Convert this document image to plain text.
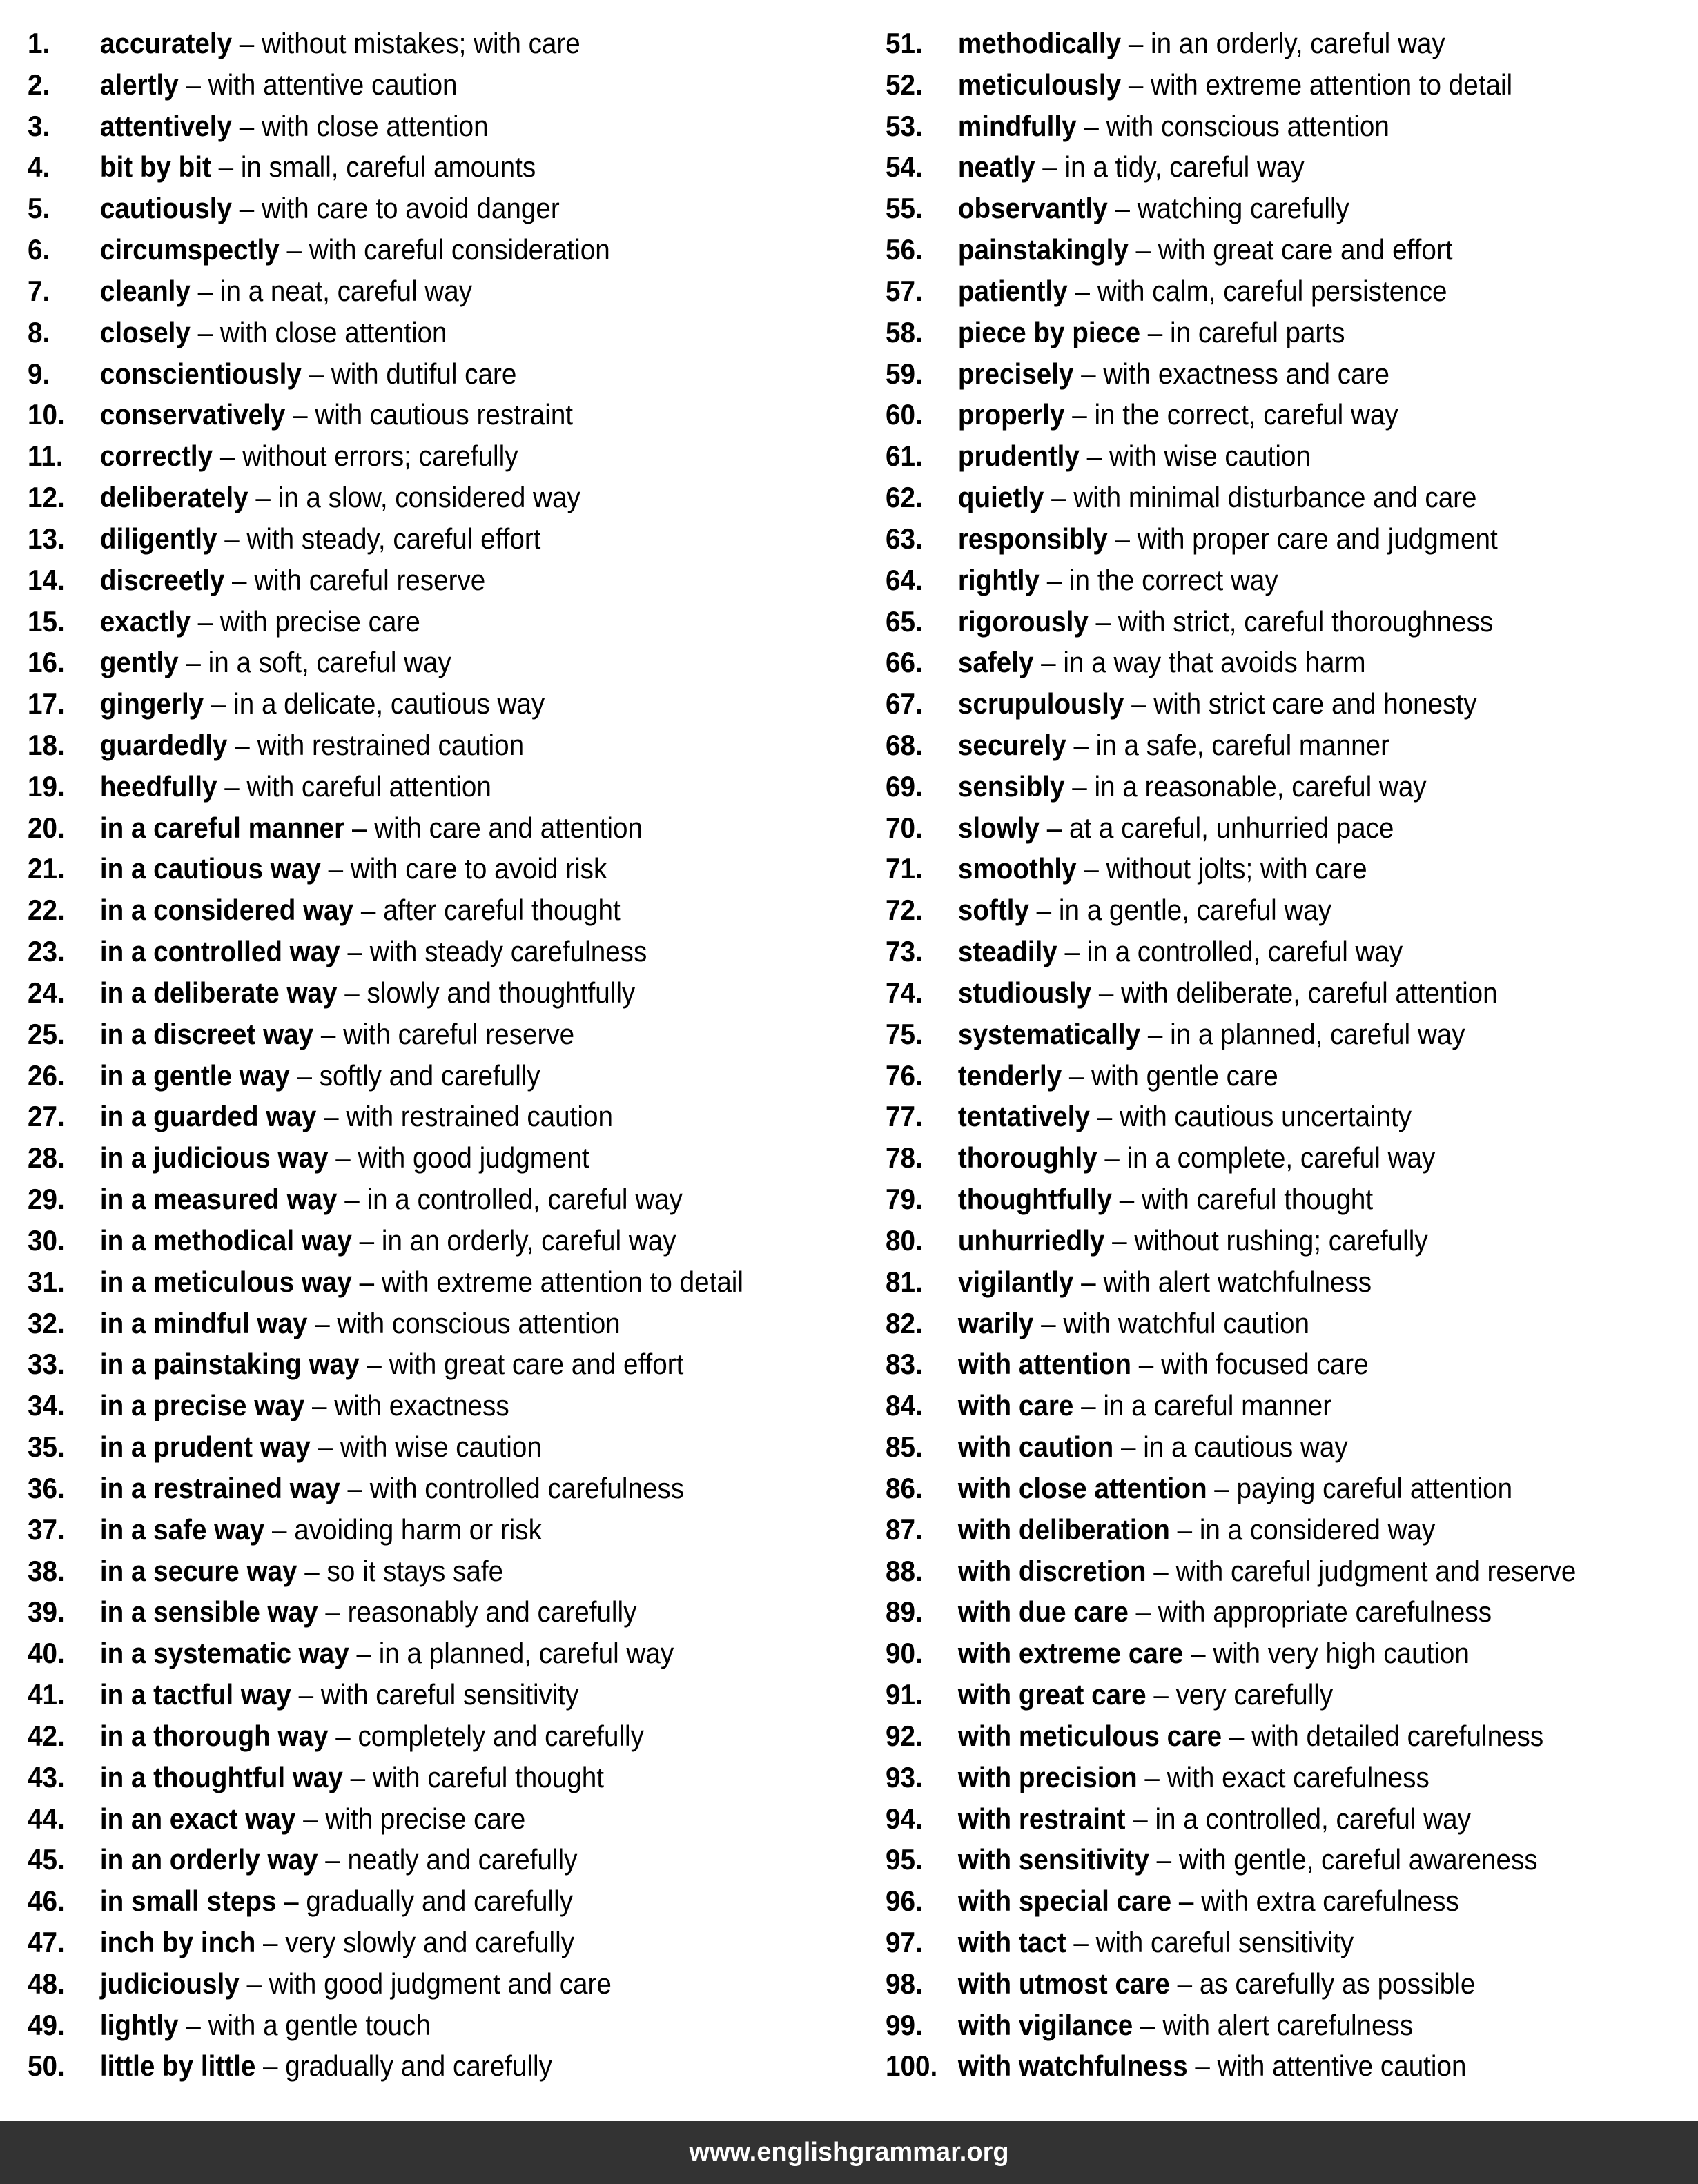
1.	accurately – without mistakes; with care
2.	alertly – with attentive caution
3.	attentively – with close attention
4.	bit by bit – in small, careful amounts
5.	cautiously – with care to avoid danger
6.	circumspectly – with careful consideration
7.	cleanly – in a neat, careful way
8.	closely – with close attention
9.	conscientiously – with dutiful care
10.	conservatively – with cautious restraint
11.	correctly – without errors; carefully
12.	deliberately – in a slow, considered way
13.	diligently – with steady, careful effort
14.	discreetly – with careful reserve
15.	exactly – with precise care
16.	gently – in a soft, careful way
17.	gingerly – in a delicate, cautious way
18.	guardedly – with restrained caution
19.	heedfully – with careful attention
20.	in a careful manner – with care and attention
21.	in a cautious way – with care to avoid risk
22.	in a considered way – after careful thought
23.	in a controlled way – with steady carefulness
24.	in a deliberate way – slowly and thoughtfully
25.	in a discreet way – with careful reserve
26.	in a gentle way – softly and carefully
27.	in a guarded way – with restrained caution
28.	in a judicious way – with good judgment
29.	in a measured way – in a controlled, careful way
30.	in a methodical way – in an orderly, careful way
31.	in a meticulous way – with extreme attention to detail
32.	in a mindful way – with conscious attention
33.	in a painstaking way – with great care and effort
34.	in a precise way – with exactness
35.	in a prudent way – with wise caution
36.	in a restrained way – with controlled carefulness
37.	in a safe way – avoiding harm or risk
38.	in a secure way – so it stays safe
39.	in a sensible way – reasonably and carefully
40.	in a systematic way – in a planned, careful way
41.	in a tactful way – with careful sensitivity
42.	in a thorough way – completely and carefully
43.	in a thoughtful way – with careful thought
44.	in an exact way – with precise care
45.	in an orderly way – neatly and carefully
46.	in small steps – gradually and carefully
47.	inch by inch – very slowly and carefully
48.	judiciously – with good judgment and care
49.	lightly – with a gentle touch
50.	little by little – gradually and carefully
51.	methodically – in an orderly, careful way
52.	meticulously – with extreme attention to detail
53.	mindfully – with conscious attention
54.	neatly – in a tidy, careful way
55.	observantly – watching carefully
56.	painstakingly – with great care and effort
57.	patiently – with calm, careful persistence
58.	piece by piece – in careful parts
59.	precisely – with exactness and care
60.	properly – in the correct, careful way
61.	prudently – with wise caution
62.	quietly – with minimal disturbance and care
63.	responsibly – with proper care and judgment
64.	rightly – in the correct way
65.	rigorously – with strict, careful thoroughness
66.	safely – in a way that avoids harm
67.	scrupulously – with strict care and honesty
68.	securely – in a safe, careful manner
69.	sensibly – in a reasonable, careful way
70.	slowly – at a careful, unhurried pace
71.	smoothly – without jolts; with care
72.	softly – in a gentle, careful way
73.	steadily – in a controlled, careful way
74.	studiously – with deliberate, careful attention
75.	systematically – in a planned, careful way
76.	tenderly – with gentle care
77.	tentatively – with cautious uncertainty
78.	thoroughly – in a complete, careful way
79.	thoughtfully – with careful thought
80.	unhurriedly – without rushing; carefully
81.	vigilantly – with alert watchfulness
82.	warily – with watchful caution
83.	with attention – with focused care
84.	with care – in a careful manner
85.	with caution – in a cautious way
86.	with close attention – paying careful attention
87.	with deliberation – in a considered way
88.	with discretion – with careful judgment and reserve
89.	with due care – with appropriate carefulness
90.	with extreme care – with very high caution
91.	with great care – very carefully
92.	with meticulous care – with detailed carefulness
93.	with precision – with exact carefulness
94.	with restraint – in a controlled, careful way
95.	with sensitivity – with gentle, careful awareness
96.	with special care – with extra carefulness
97.	with tact – with careful sensitivity
98.	with utmost care – as carefully as possible
99.	with vigilance – with alert carefulness
100. with watchfulness – with attentive caution
www.englishgrammar.org
